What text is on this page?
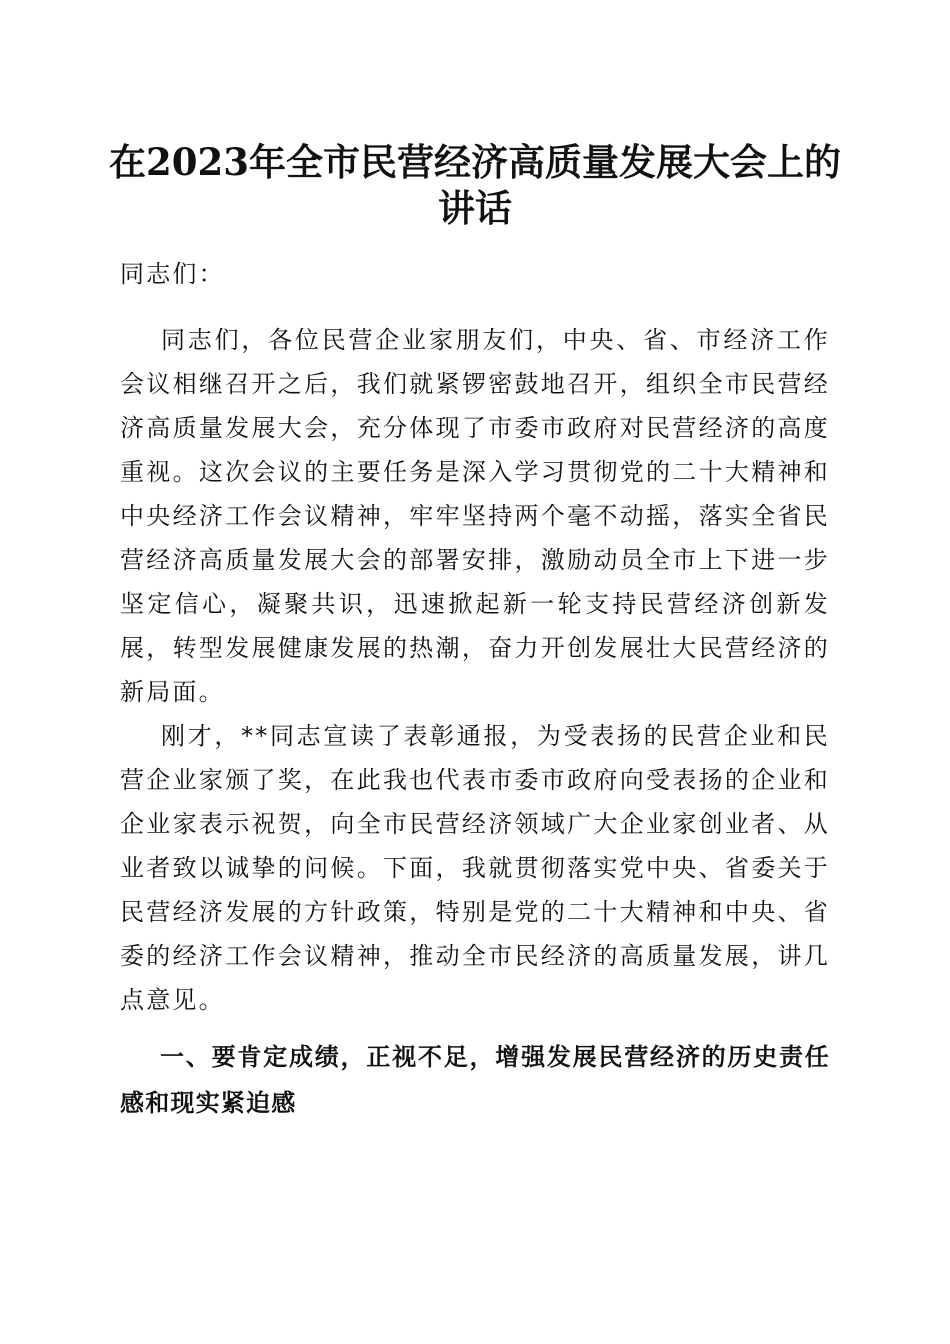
在2023年全市民营经济高质量发展大会上的
讲话

同志们：

同志们，各位民营企业家朋友们，中央、省、市经济工作会议相继召开之后，我们就紧锣密鼓地召开，组织全市民营经济高质量发展大会，充分体现了市委市政府对民营经济的高度重视。这次会议的主要任务是深入学习贯彻党的二十大精神和中央经济工作会议精神，牢牢坚持两个毫不动摇，落实全省民营经济高质量发展大会的部署安排，激励动员全市上下进一步坚定信心，凝聚共识，迅速掀起新一轮支持民营经济创新发展，转型发展健康发展的热潮，奋力开创发展壮大民营经济的新局面。

刚才，**同志宣读了表彰通报，为受表扬的民营企业和民营企业家颁了奖，在此我也代表市委市政府向受表扬的企业和企业家表示祝贺，向全市民营经济领域广大企业家创业者、从业者致以诚挚的问候。下面，我就贯彻落实党中央、省委关于民营经济发展的方针政策，特别是党的二十大精神和中央、省委的经济工作会议精神，推动全市民经济的高质量发展，讲几点意见。

一、要肯定成绩，正视不足，增强发展民营经济的历史责任感和现实紧迫感
